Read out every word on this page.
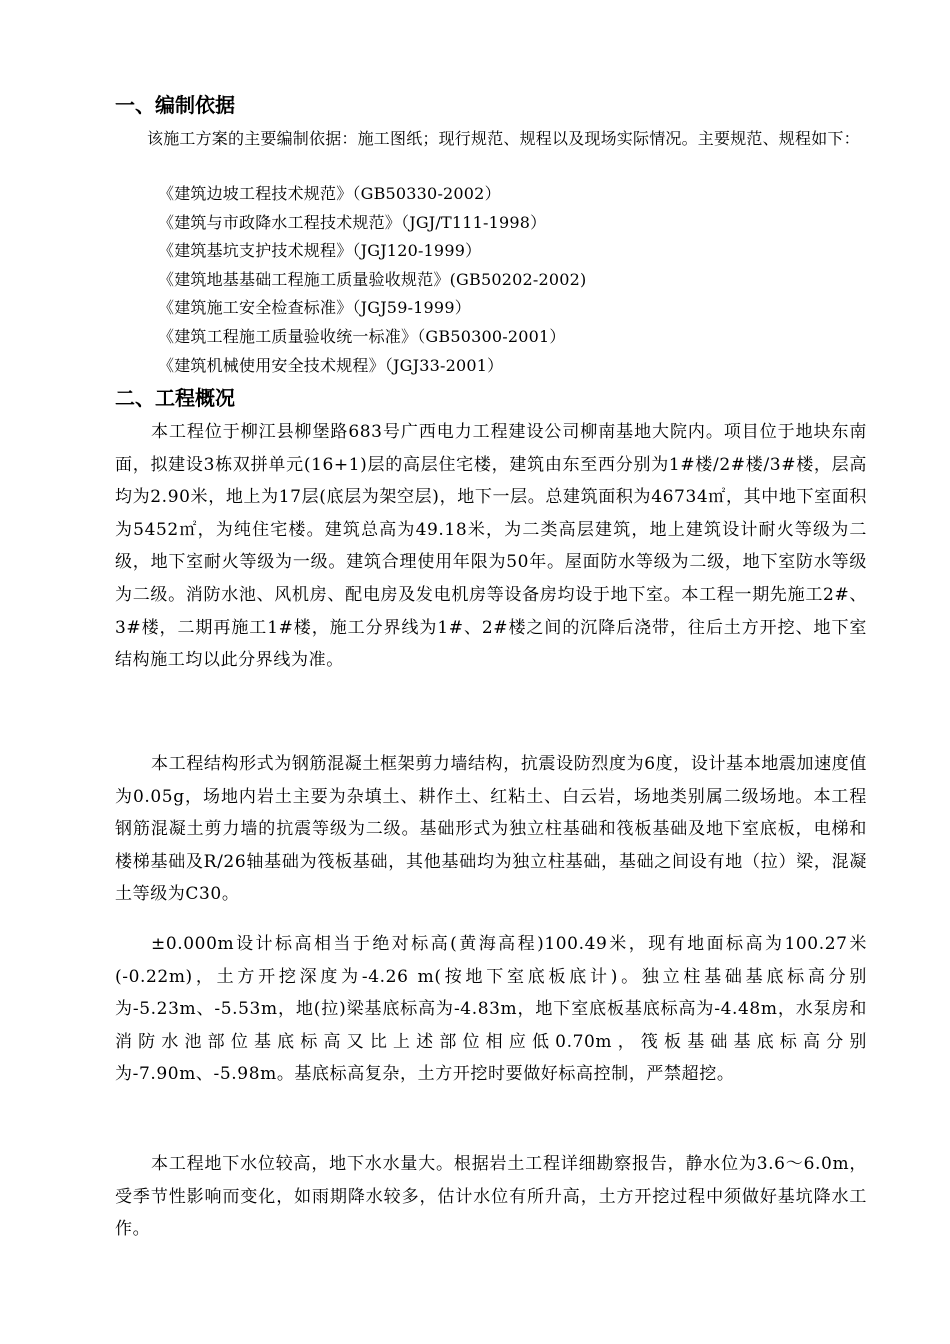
一、编制依据
该施工方案的主要编制依据：施工图纸；现行规范、规程以及现场实际情况。主要规范、规程如下：
《建筑边坡工程技术规范》（GB50330-2002）
《建筑与市政降水工程技术规范》（JGJ/T111-1998）
《建筑基坑支护技术规程》（JGJ120-1999）
《建筑地基基础工程施工质量验收规范》(GB50202-2002)
《建筑施工安全检查标准》（JGJ59-1999）
《建筑工程施工质量验收统一标准》（GB50300-2001）
《建筑机械使用安全技术规程》（JGJ33-2001）
二、工程概况

本工程位于柳江县柳堡路683号广西电力工程建设公司柳南基地大院内。项目位于地块东南面，拟建设3栋双拼单元(16+1)层的高层住宅楼，建筑由东至西分别为1#楼/2#楼/3#楼，层高均为2.90米，地上为17层(底层为架空层)，地下一层。总建筑面积为46734㎡，其中地下室面积为5452㎡，为纯住宅楼。建筑总高为49.18米，为二类高层建筑，地上建筑设计耐火等级为二级，地下室耐火等级为一级。建筑合理使用年限为50年。屋面防水等级为二级，地下室防水等级为二级。消防水池、风机房、配电房及发电机房等设备房均设于地下室。本工程一期先施工2#、3#楼，二期再施工1#楼，施工分界线为1#、2#楼之间的沉降后浇带，往后土方开挖、地下室结构施工均以此分界线为准。

本工程结构形式为钢筋混凝土框架剪力墙结构，抗震设防烈度为6度，设计基本地震加速度值为0.05g，场地内岩土主要为杂填土、耕作土、红粘土、白云岩，场地类别属二级场地。本工程钢筋混凝土剪力墙的抗震等级为二级。基础形式为独立柱基础和筏板基础及地下室底板，电梯和楼梯基础及R/26轴基础为筏板基础，其他基础均为独立柱基础，基础之间设有地（拉）梁，混凝土等级为C30。

±0.000m设计标高相当于绝对标高(黄海高程)100.49米，现有地面标高为100.27米(-0.22m)，土方开挖深度为-4.26 m(按地下室底板底计)。独立柱基础基底标高分别为-5.23m、-5.53m，地(拉)梁基底标高为-4.83m，地下室底板基底标高为-4.48m，水泵房和消防水池部位基底标高又比上述部位相应低0.70m，筏板基础基底标高分别为-7.90m、-5.98m。基底标高复杂，土方开挖时要做好标高控制，严禁超挖。

本工程地下水位较高，地下水水量大。根据岩土工程详细勘察报告，静水位为3.6～6.0m，受季节性影响而变化，如雨期降水较多，估计水位有所升高，土方开挖过程中须做好基坑降水工作。
